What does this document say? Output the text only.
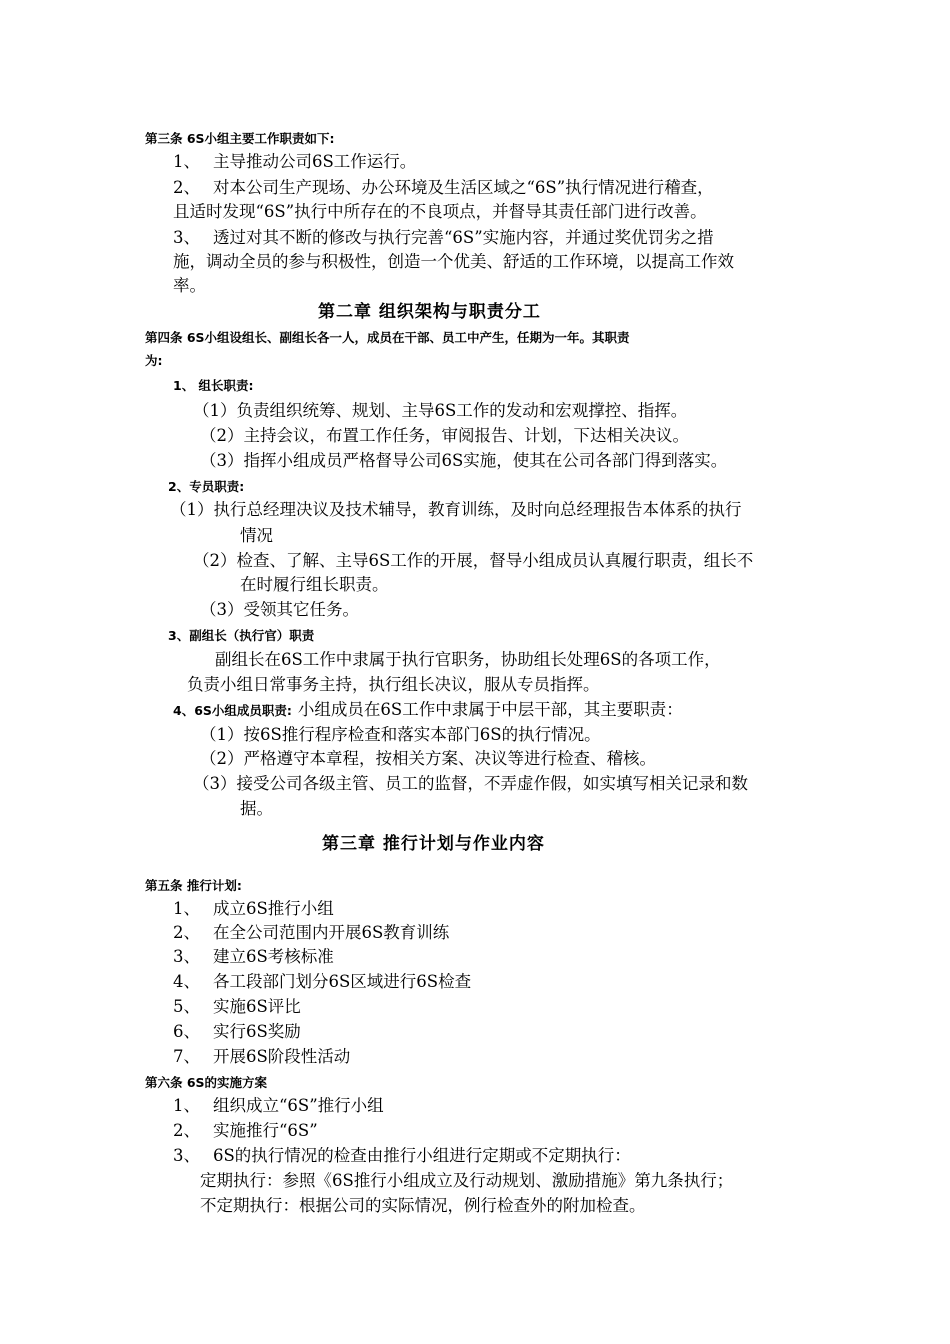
第三条 6S小组主要工作职责如下:
1、 主导推动公司6S工作运行。
2、 对本公司生产现场、办公环境及生活区域之“6S”执行情况进行稽查，
且适时发现“6S”执行中所存在的不良项点，并督导其责任部门进行改善。
3、 透过对其不断的修改与执行完善“6S”实施内容，并通过奖优罚劣之措
施，调动全员的参与积极性，创造一个优美、舒适的工作环境，以提高工作效
率。
第二章 组织架构与职责分工
第四条 6S小组设组长、副组长各一人，成员在干部、员工中产生，任期为一年。其职责
为:
1、 组长职责:
（1）负责组织统筹、规划、主导6S工作的发动和宏观撑控、指挥。
（2）主持会议，布置工作任务，审阅报告、计划，下达相关决议。
（3）指挥小组成员严格督导公司6S实施，使其在公司各部门得到落实。
2、专员职责:
（1）执行总经理决议及技术辅导，教育训练，及时向总经理报告本体系的执行
情况
（2）检查、了解、主导6S工作的开展，督导小组成员认真履行职责，组长不
在时履行组长职责。
（3）受领其它任务。
3、副组长（执行官）职责
副组长在6S工作中隶属于执行官职务，协助组长处理6S的各项工作，
负责小组日常事务主持，执行组长决议，服从专员指挥。
4、6S小组成员职责: 小组成员在6S工作中隶属于中层干部，其主要职责：
（1）按6S推行程序检查和落实本部门6S的执行情况。
（2）严格遵守本章程，按相关方案、决议等进行检查、稽核。
（3）接受公司各级主管、员工的监督，不弄虚作假，如实填写相关记录和数
据。
第三章 推行计划与作业内容
第五条 推行计划:
1、 成立6S推行小组
2、 在全公司范围内开展6S教育训练
3、 建立6S考核标准
4、 各工段部门划分6S区域进行6S检查
5、 实施6S评比
6、 实行6S奖励
7、 开展6S阶段性活动
第六条 6S的实施方案
1、 组织成立“6S”推行小组
2、 实施推行“6S”
3、 6S的执行情况的检查由推行小组进行定期或不定期执行：
定期执行：参照《6S推行小组成立及行动规划、激励措施》第九条执行；
不定期执行：根据公司的实际情况，例行检查外的附加检查。
